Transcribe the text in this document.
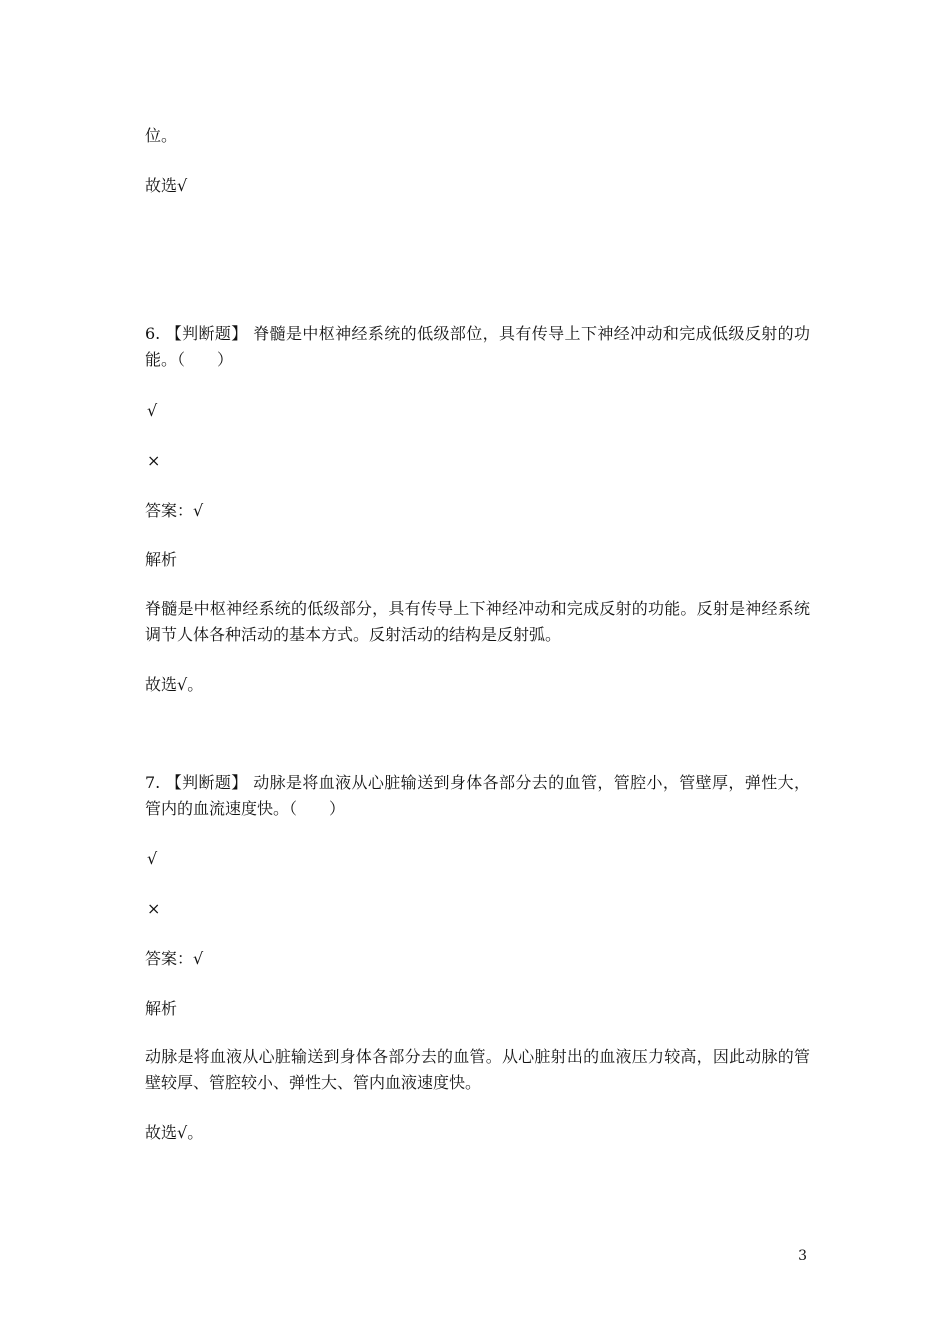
位。
故选√
6. 【判断题】 脊髓是中枢神经系统的低级部位，具有传导上下神经冲动和完成低级反射的功能。（　　）
√
×
答案：√
解析
脊髓是中枢神经系统的低级部分，具有传导上下神经冲动和完成反射的功能。反射是神经系统调节人体各种活动的基本方式。反射活动的结构是反射弧。
故选√。
7. 【判断题】 动脉是将血液从心脏输送到身体各部分去的血管，管腔小，管壁厚，弹性大，管内的血流速度快。（　　）
√
×
答案：√
解析
动脉是将血液从心脏输送到身体各部分去的血管。从心脏射出的血液压力较高，因此动脉的管壁较厚、管腔较小、弹性大、管内血液速度快。
故选√。
3
